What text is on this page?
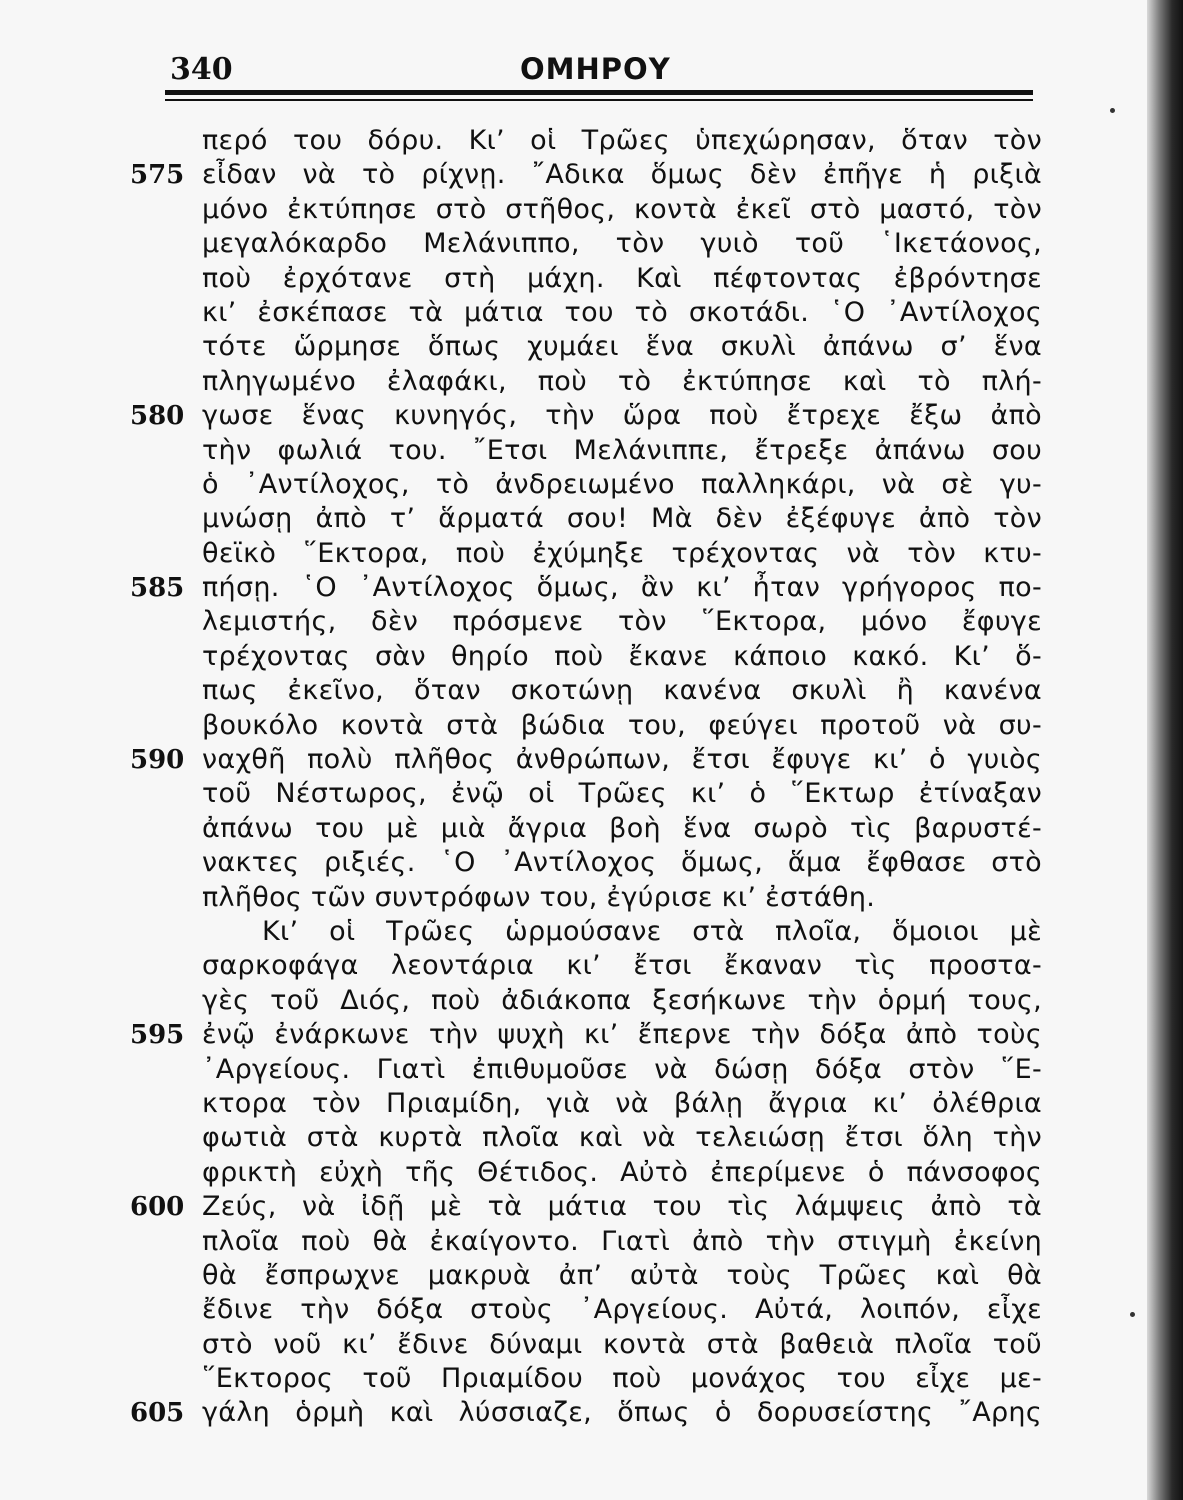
340	ΟΜΗΡΟΥ
περό του δόρυ. Κι’ οἱ Τρῶες ὑπεχώρησαν, ὅταν τὸν
575 εἶδαν νὰ τὸ ρίχνῃ. ῎Αδικα ὅμως δὲν ἐπῆγε ἡ ριξιὰ
μόνο ἐκτύπησε στὸ στῆθος, κοντὰ ἐκεῖ στὸ μαστό, τὸν
μεγαλόκαρδο Μελάνιππο, τὸν γυιὸ τοῦ ῾Ικετάονος,
ποὺ ἐρχότανε στὴ μάχη. Καὶ πέφτοντας ἐβρόντησε
κι’ ἐσκέπασε τὰ μάτια του τὸ σκοτάδι. ῾Ο ᾿Αντίλοχος
τότε ὥρμησε ὅπως χυμάει ἕνα σκυλὶ ἀπάνω σ’ ἕνα
πληγωμένο ἐλαφάκι, ποὺ τὸ ἐκτύπησε καὶ τὸ πλή-
580 γωσε ἕνας κυνηγός, τὴν ὥρα ποὺ ἔτρεχε ἔξω ἀπὸ
τὴν φωλιά του. ῎Ετσι Μελάνιππε, ἔτρεξε ἀπάνω σου
ὁ ᾿Αντίλοχος, τὸ ἀνδρειωμένο παλληκάρι, νὰ σὲ γυ-
μνώσῃ ἀπὸ τ’ ἅρματά σου! Μὰ δὲν ἐξέφυγε ἀπὸ τὸν
θεϊκὸ ῞Εκτορα, ποὺ ἐχύμηξε τρέχοντας νὰ τὸν κτυ-
585 πήσῃ. ῾Ο ᾿Αντίλοχος ὅμως, ἂν κι’ ἦταν γρήγορος πο-
λεμιστής, δὲν πρόσμενε τὸν ῞Εκτορα, μόνο ἔφυγε
τρέχοντας σὰν θηρίο ποὺ ἔκανε κάποιο κακό. Κι’ ὅ-
πως ἐκεῖνο, ὅταν σκοτώνῃ κανένα σκυλὶ ἢ κανένα
βουκόλο κοντὰ στὰ βώδια του, φεύγει προτοῦ νὰ συ-
590 ναχθῆ πολὺ πλῆθος ἀνθρώπων, ἔτσι ἔφυγε κι’ ὁ γυιὸς
τοῦ Νέστωρος, ἐνῷ οἱ Τρῶες κι’ ὁ ῞Εκτωρ ἐτίναξαν
ἀπάνω του μὲ μιὰ ἄγρια βοὴ ἕνα σωρὸ τὶς βαρυστέ-
νακτες ριξιές. ῾Ο ᾿Αντίλοχος ὅμως, ἅμα ἔφθασε στὸ
πλῆθος τῶν συντρόφων του, ἐγύρισε κι’ ἐστάθη.
Κι’ οἱ Τρῶες ὡρμούσανε στὰ πλοῖα, ὅμοιοι μὲ
σαρκοφάγα λεοντάρια κι’ ἔτσι ἔκαναν τὶς προστα-
γὲς τοῦ Διός, ποὺ ἀδιάκοπα ξεσήκωνε τὴν ὁρμή τους,
595 ἐνῷ ἐνάρκωνε τὴν ψυχὴ κι’ ἔπερνε τὴν δόξα ἀπὸ τοὺς
᾿Αργείους. Γιατὶ ἐπιθυμοῦσε νὰ δώσῃ δόξα στὸν ῞Ε-
κτορα τὸν Πριαμίδη, γιὰ νὰ βάλῃ ἄγρια κι’ ὀλέθρια
φωτιὰ στὰ κυρτὰ πλοῖα καὶ νὰ τελειώσῃ ἔτσι ὅλη τὴν
φρικτὴ εὐχὴ τῆς Θέτιδος. Αὐτὸ ἐπερίμενε ὁ πάνσοφος
600 Ζεύς, νὰ ἰδῇ μὲ τὰ μάτια του τὶς λάμψεις ἀπὸ τὰ
πλοῖα ποὺ θὰ ἐκαίγοντο. Γιατὶ ἀπὸ τὴν στιγμὴ ἐκείνη
θὰ ἔσπρωχνε μακρυὰ ἀπ’ αὐτὰ τοὺς Τρῶες καὶ θὰ
ἔδινε τὴν δόξα στοὺς ᾿Αργείους. Αὐτά, λοιπόν, εἶχε
στὸ νοῦ κι’ ἔδινε δύναμι κοντὰ στὰ βαθειὰ πλοῖα τοῦ
῞Εκτορος τοῦ Πριαμίδου ποὺ μονάχος του εἶχε με-
605 γάλη ὁρμὴ καὶ λύσσιαζε, ὅπως ὁ δορυσείστης ῎Αρης
